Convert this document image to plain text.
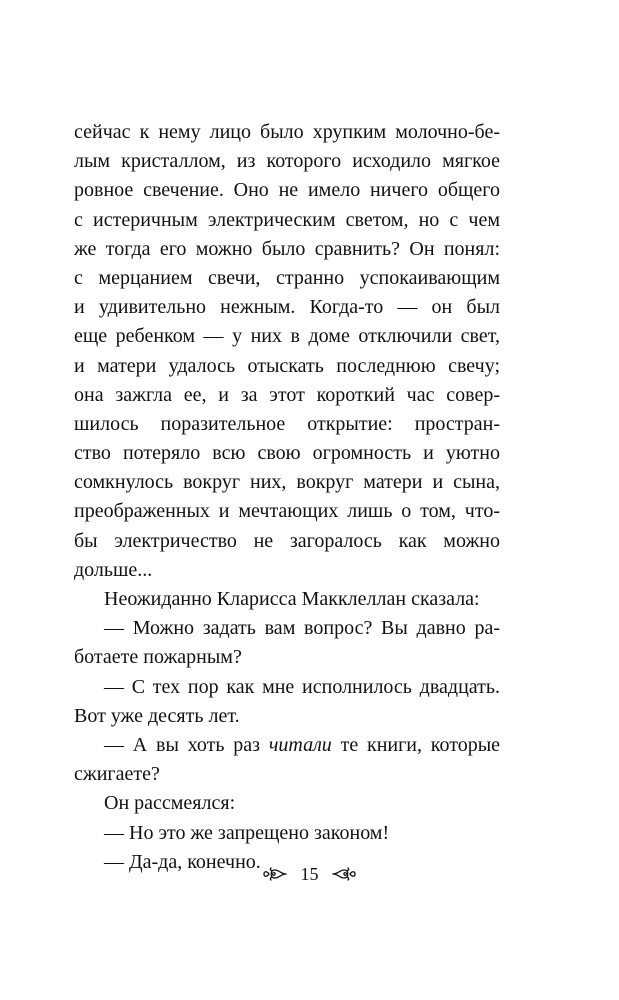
сейчас к нему лицо было хрупким молочно-бе-
лым кристаллом, из которого исходило мягкое
ровное свечение. Оно не имело ничего общего
с истеричным электрическим светом, но с чем
же тогда его можно было сравнить? Он понял:
с мерцанием свечи, странно успокаивающим
и удивительно нежным. Когда-то — он был
еще ребенком — у них в доме отключили свет,
и матери удалось отыскать последнюю свечу;
она зажгла ее, и за этот короткий час совер-
шилось поразительное открытие: простран-
ство потеряло всю свою огромность и уютно
сомкнулось вокруг них, вокруг матери и сына,
преображенных и мечтающих лишь о том, что-
бы электричество не загоралось как можно
дольше...

Неожиданно Кларисса Макклеллан сказала:

— Можно задать вам вопрос? Вы давно ра-
ботаете пожарным?

— С тех пор как мне исполнилось двадцать.
Вот уже десять лет.

— А вы хоть раз читали те книги, которые
сжигаете?

Он рассмеялся:

— Но это же запрещено законом!

— Да-да, конечно.

15
